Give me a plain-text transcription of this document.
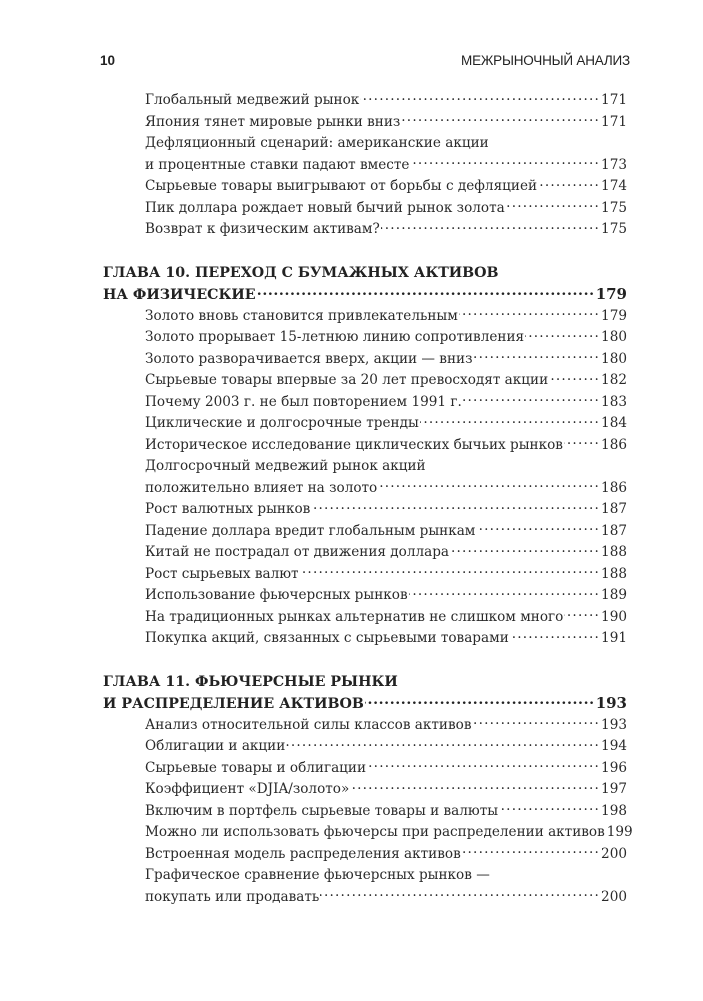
10	МЕЖРЫНОЧНЫЙ АНАЛИЗ
Глобальный медвежий рынок .....	171
Япония тянет мировые рынки вниз .....	171
Дефляционный сценарий: американские акции
и процентные ставки падают вместе .....	173
Сырьевые товары выигрывают от борьбы с дефляцией .....	174
Пик доллара рождает новый бычий рынок золота .....	175
Возврат к физическим активам? .....	175
ГЛАВА 10. ПЕРЕХОД С БУМАЖНЫХ АКТИВОВ
НА ФИЗИЧЕСКИЕ .....	179
Золото вновь становится привлекательным .....	179
Золото прорывает 15-летнюю линию сопротивления .....	180
Золото разворачивается вверх, акции — вниз .....	180
Сырьевые товары впервые за 20 лет превосходят акции .....	182
Почему 2003 г. не был повторением 1991 г. .....	183
Циклические и долгосрочные тренды .....	184
Историческое исследование циклических бычьих рынков .....	186
Долгосрочный медвежий рынок акций
положительно влияет на золото .....	186
Рост валютных рынков .....	187
Падение доллара вредит глобальным рынкам .....	187
Китай не пострадал от движения доллара .....	188
Рост сырьевых валют .....	188
Использование фьючерсных рынков .....	189
На традиционных рынках альтернатив не слишком много .....	190
Покупка акций, связанных с сырьевыми товарами .....	191
ГЛАВА 11. ФЬЮЧЕРСНЫЕ РЫНКИ
И РАСПРЕДЕЛЕНИЕ АКТИВОВ .....	193
Анализ относительной силы классов активов .....	193
Облигации и акции .....	194
Сырьевые товары и облигации .....	196
Коэффициент «DJIA/золото» .....	197
Включим в портфель сырьевые товары и валюты .....	198
Можно ли использовать фьючерсы при распределении активов 199
Встроенная модель распределения активов .....	200
Графическое сравнение фьючерсных рынков —
покупать или продавать .....	200
